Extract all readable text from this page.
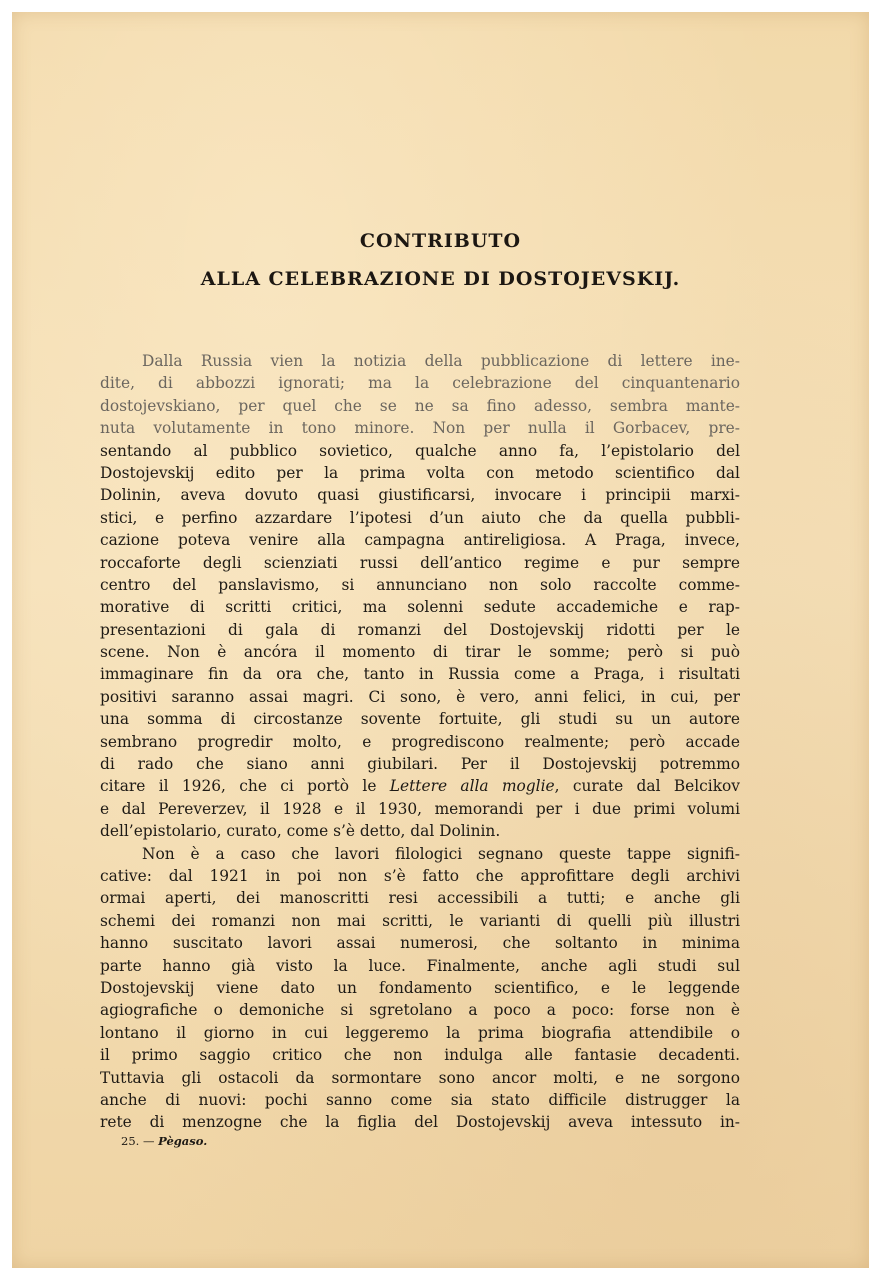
CONTRIBUTO
ALLA CELEBRAZIONE DI DOSTOJEVSKIJ.
Dalla Russia vien la notizia della pubblicazione di lettere ine-
dite, di abbozzi ignorati; ma la celebrazione del cinquantenario
dostojevskiano, per quel che se ne sa fino adesso, sembra mante-
nuta volutamente in tono minore. Non per nulla il Gorbacev, pre-
sentando al pubblico sovietico, qualche anno fa, l’epistolario del
Dostojevskij edito per la prima volta con metodo scientifico dal
Dolinin, aveva dovuto quasi giustificarsi, invocare i principii marxi-
stici, e perfino azzardare l’ipotesi d’un aiuto che da quella pubbli-
cazione poteva venire alla campagna antireligiosa. A Praga, invece,
roccaforte degli scienziati russi dell’antico regime e pur sempre
centro del panslavismo, si annunciano non solo raccolte comme-
morative di scritti critici, ma solenni sedute accademiche e rap-
presentazioni di gala di romanzi del Dostojevskij ridotti per le
scene. Non è ancóra il momento di tirar le somme; però si può
immaginare fin da ora che, tanto in Russia come a Praga, i risultati
positivi saranno assai magri. Ci sono, è vero, anni felici, in cui, per
una somma di circostanze sovente fortuite, gli studi su un autore
sembrano progredir molto, e progrediscono realmente; però accade
di rado che siano anni giubilari. Per il Dostojevskij potremmo
citare il 1926, che ci portò le Lettere alla moglie, curate dal Belcikov
e dal Pereverzev, il 1928 e il 1930, memorandi per i due primi volumi
dell’epistolario, curato, come s’è detto, dal Dolinin.
Non è a caso che lavori filologici segnano queste tappe signifi-
cative: dal 1921 in poi non s’è fatto che approfittare degli archivi
ormai aperti, dei manoscritti resi accessibili a tutti; e anche gli
schemi dei romanzi non mai scritti, le varianti di quelli più illustri
hanno suscitato lavori assai numerosi, che soltanto in minima
parte hanno già visto la luce. Finalmente, anche agli studi sul
Dostojevskij viene dato un fondamento scientifico, e le leggende
agiografiche o demoniche si sgretolano a poco a poco: forse non è
lontano il giorno in cui leggeremo la prima biografia attendibile o
il primo saggio critico che non indulga alle fantasie decadenti.
Tuttavia gli ostacoli da sormontare sono ancor molti, e ne sorgono
anche di nuovi: pochi sanno come sia stato difficile distrugger la
rete di menzogne che la figlia del Dostojevskij aveva intessuto in-
25. — Pègaso.
